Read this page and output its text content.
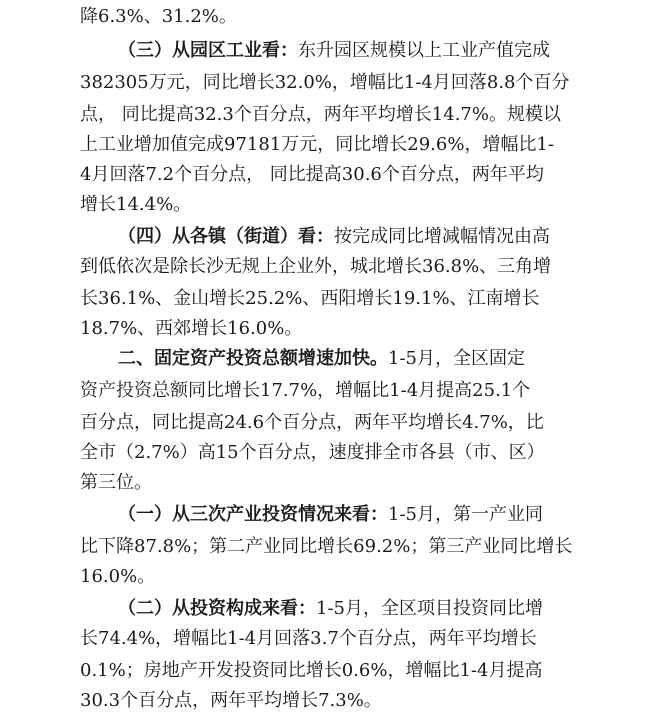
降6.3%、31.2%。
（三）从园区工业看：东升园区规模以上工业产值完成
382305万元，同比增长32.0%，增幅比1-4月回落8.8个百分
点， 同比提高32.3个百分点，两年平均增长14.7%。规模以
上工业增加值完成97181万元，同比增长29.6%，增幅比1-
4月回落7.2个百分点， 同比提高30.6个百分点，两年平均
增长14.4%。
（四）从各镇（街道）看：按完成同比增减幅情况由高
到低依次是除长沙无规上企业外，城北增长36.8%、三角增
长36.1%、金山增长25.2%、西阳增长19.1%、江南增长
18.7%、西郊增长16.0%。
二、固定资产投资总额增速加快。1-5月，全区固定
资产投资总额同比增长17.7%，增幅比1-4月提高25.1个
百分点，同比提高24.6个百分点，两年平均增长4.7%，比
全市（2.7%）高15个百分点，速度排全市各县（市、区）
第三位。
（一）从三次产业投资情况来看：1-5月，第一产业同
比下降87.8%；第二产业同比增长69.2%；第三产业同比增长
16.0%。
（二）从投资构成来看：1-5月，全区项目投资同比增
长74.4%，增幅比1-4月回落3.7个百分点，两年平均增长
0.1%；房地产开发投资同比增长0.6%，增幅比1-4月提高
30.3个百分点，两年平均增长7.3%。
